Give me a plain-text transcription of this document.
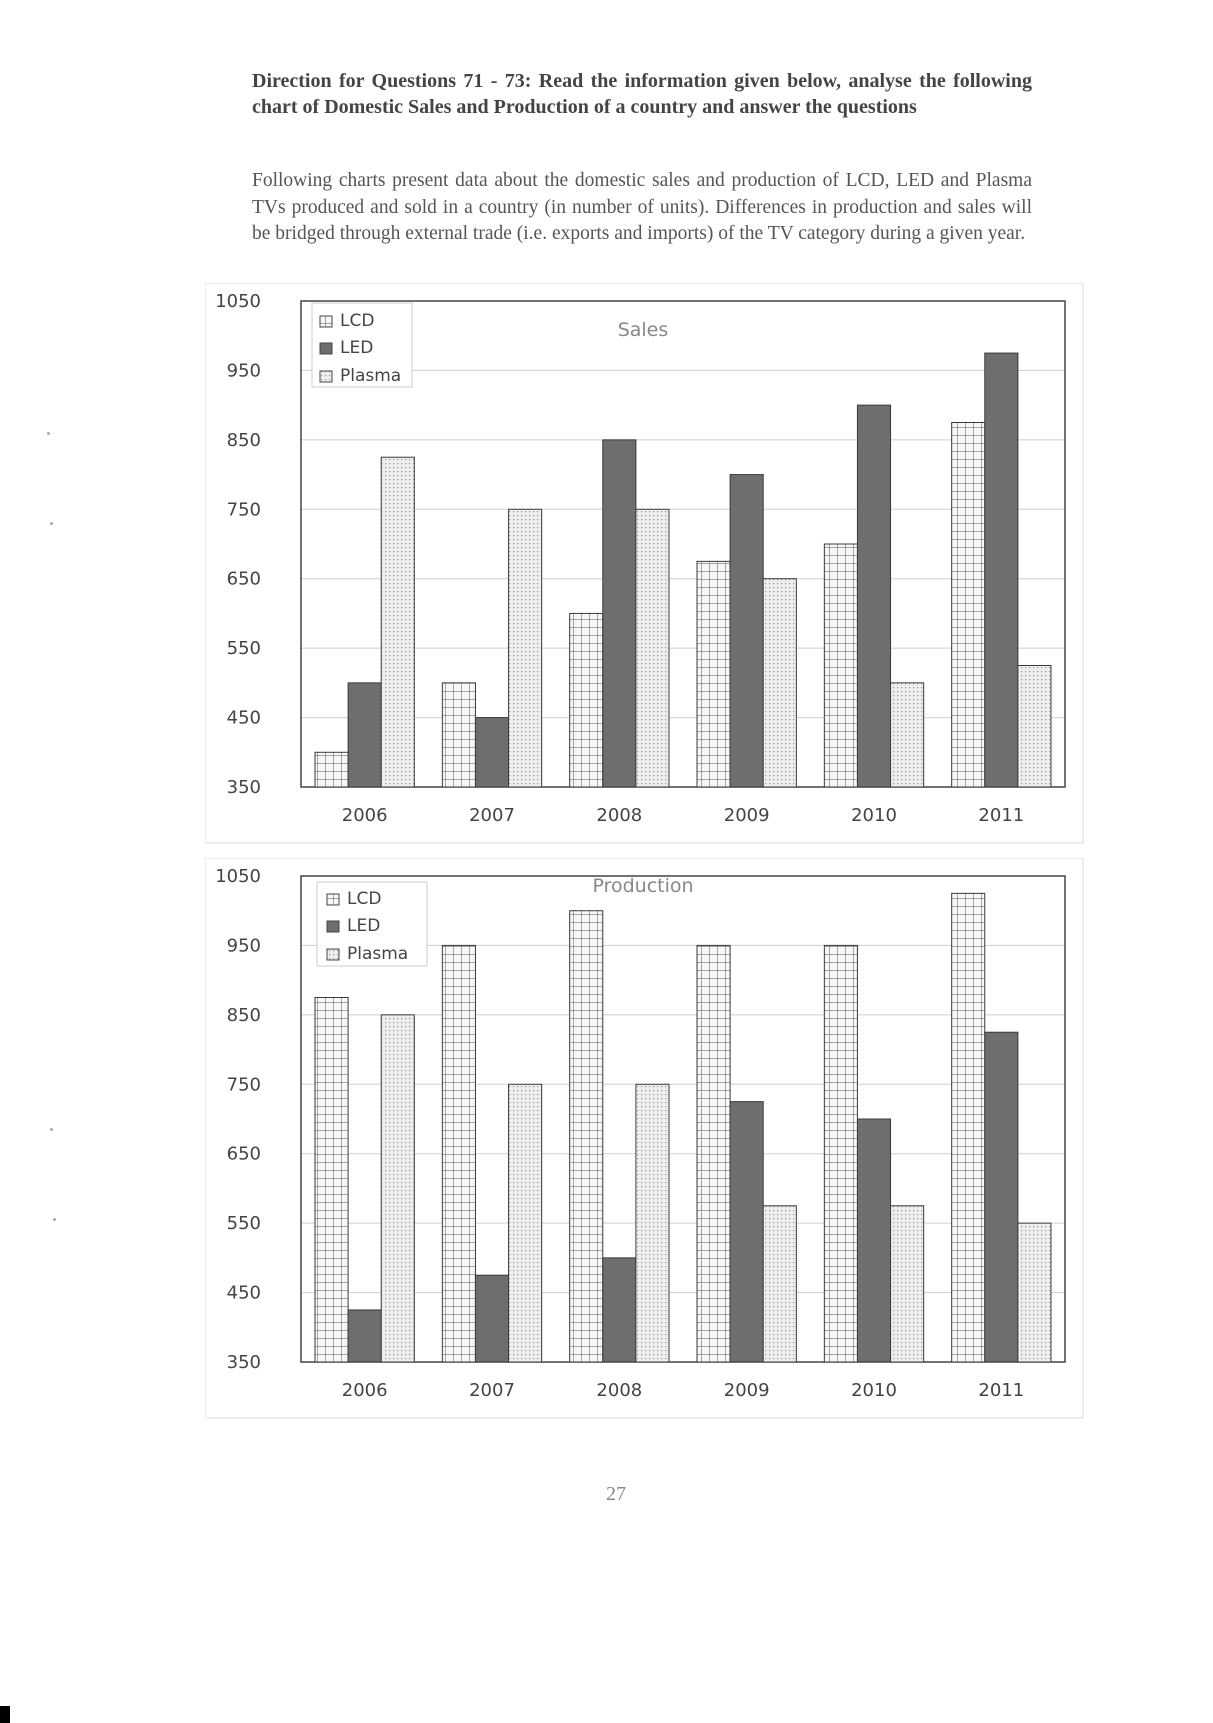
Direction for Questions 71 - 73: Read the information given below, analyse the following chart of Domestic Sales and Production of a country and answer the questions

Following charts present data about the domestic sales and production of LCD, LED and Plasma TVs produced and sold in a country (in number of units). Differences in production and sales will be bridged through external trade (i.e. exports and imports) of the TV category during a given year.

350
450
550
650
750
850
950
1050
2006	2007	2008	2009	2010	2011
Sales
LCD
LED
Plasma
350
450
550
650
750
850
950
1050
2006	2007	2008	2009	2010	2011
Production
LCD
LED
Plasma
27
